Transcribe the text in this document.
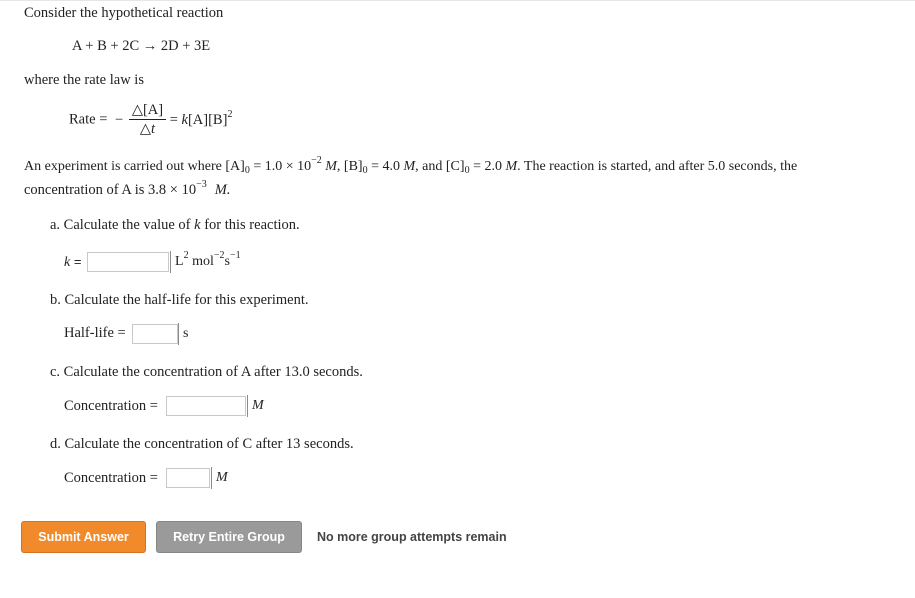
Consider the hypothetical reaction
A + B + 2C → 2D + 3E
where the rate law is
Rate = − $\frac{\triangle[A]}{\triangle t} = k[A][B]^2$
An experiment is carried out where $[A]_0 = 1.0 \times 10^{-2}$ M, $[B]_0 = 4.0$ M, and $[C]_0 = 2.0$ M. The reaction is started, and after 5.0 seconds, the
concentration of A is $3.8 \times 10^{-3}$ M.
a. Calculate the value of k for this reaction.
k =	$L^2$ $mol^{-2}s^{-1}$
b. Calculate the half-life for this experiment.
Half-life =	s
c. Calculate the concentration of A after 13.0 seconds.
Concentration =	M
d. Calculate the concentration of C after 13 seconds.
Concentration =	M
Submit Answer	Retry Entire Group	No more group attempts remain
